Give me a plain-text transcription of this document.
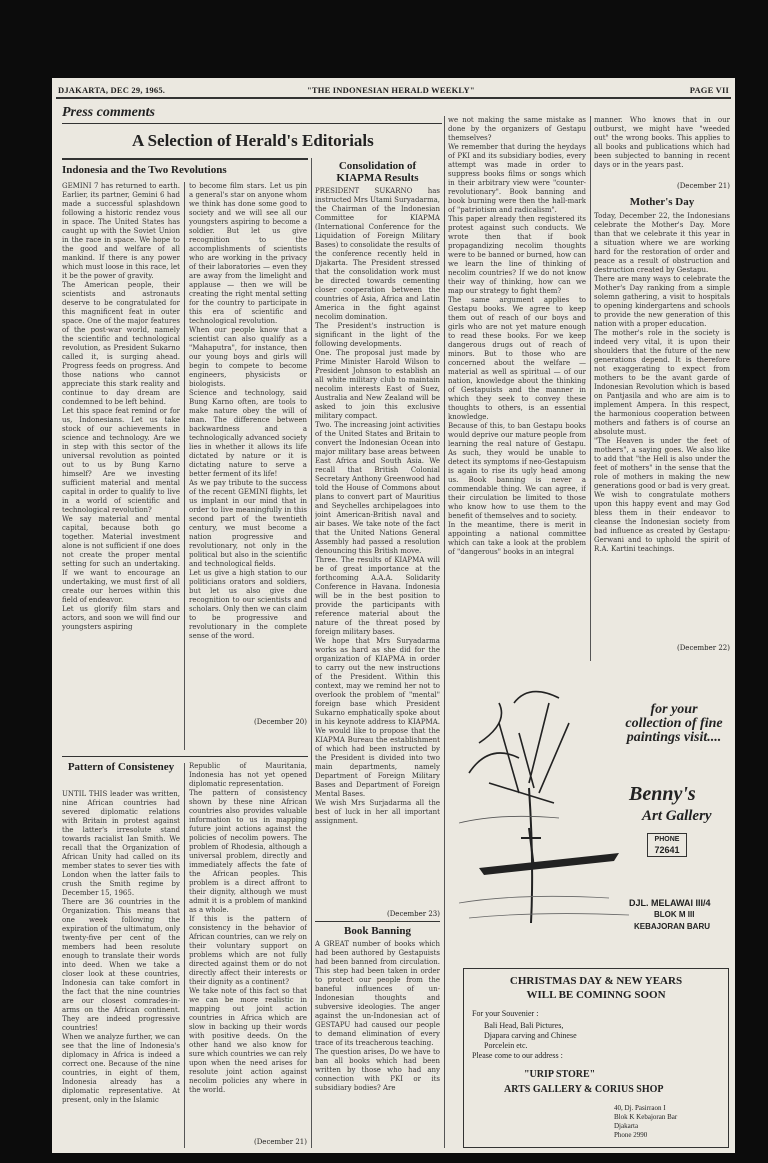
DJAKARTA, DEC 29, 1965.	"THE INDONESIAN HERALD WEEKLY"	PAGE VII
Press comments
A Selection of Herald's Editorials
Indonesia and the Two Revolutions
GEMINI 7 has returned to earth. Earlier, its partner, Gemini 6 had made a successful splashdown following a historic rendez vous in space. The United States has caught up with the Soviet Union in the race in space. We hope to the good and welfare of all mankind. If there is any power which must loose in this race, let it be the power of gravity.
The American people, their scientists and astronauts deserve to be congratulated for this magnificent feat in outer space. One of the major features of the post-war world, namely the scientific and technological revolution, as President Sukarno called it, is surging ahead. Progress feeds on progress. And those nations who cannot appreciate this stark reality and continue to day dream are condemned to be left behind.
Let this space feat remind or for us, Indonesians. Let us take stock of our achievements in science and technology. Are we in step with this sector of the universal revolution as pointed out to us by Bung Karno himself? Are we investing sufficient material and mental capital in order to qualify to live in a world of scientific and technological revolution?
We say material and mental capital, because both go together. Material investment alone is not sufficient if one does not create the proper mental setting for such an undertaking. If we want to encourage an undertaking, we must first of all create our heroes within this field of endeavor.
Let us glorify film stars and actors, and soon we will find our youngsters aspiring
to become film stars. Let us pin a general's star on anyone whom we think has done some good to society and we will see all our youngsters aspiring to become a soldier. But let us give recognition to the accomplishments of scientists who are working in the privacy of their laboratories — even they are away from the limelight and applause — then we will be creating the right mental setting for the country to participate in this era of scientific and technological revolution.
When our people know that a scientist can also qualify as a "Mahaputra", for instance, then our young boys and girls will begin to compete to become engineers, physicists or biologists.
Science and technology, said Bung Karno often, are tools to make nature obey the will of man. The difference between backwardness and a technologically advanced society lies in whether it allows its life dictated by nature or it is dictating nature to serve a better ferment of its life!
As we pay tribute to the success of the recent GEMINI flights, let us implant in our mind that in order to live meaningfully in this second part of the twentieth century, we must become a nation progressive and revolutionary, not only in the political but also in the scientific and technological fields.
Let us give a high station to our politicians orators and soldiers, but let us also give due recognition to our scientists and scholars. Only then we can claim to be progressive and revolutionary in the complete sense of the word.
(December 20)
Pattern of Consisteney
UNTIL THIS leader was written, nine African countries had severed diplomatic relations with Britain in protest against the latter's irresolute stand towards racialist Ian Smith. We recall that the Organization of African Unity had called on its member states to sever ties with London when the latter fails to crush the Smith regime by December 15, 1965.
There are 36 countries in the Organization. This means that one week following the expiration of the ultimatum, only twenty-five per cent of the members had been resolute enough to translate their words into deed. When we take a closer look at these countries, Indonesia can take comfort in the fact that the nine countries are our closest comrades-in-arms on the African continent. They are indeed progressive countries!
When we analyze further, we can see that the line of Indonesia's diplomacy in Africa is indeed a correct one. Because of the nine countries, in eight of them, Indonesia already has a diplomatic representative. At present, only in the Islamic
Republic of Mauritania, Indonesia has not yet opened diplomatic representation.
The pattern of consistency shown by these nine African countries also provides valuable information to us in mapping future joint actions against the policies of necolim powers. The problem of Rhodesia, although a universal problem, directly and immediately affects the fate of the African peoples. This problem is a direct affront to their dignity, although we must admit it is a problem of mankind as a whole.
If this is the pattern of consistency in the behavior of African countries, can we rely on their voluntary support on problems which are not fully directed against them or do not directly affect their interests or their dignity as a continent?
We take note of this fact so that we can be more realistic in mapping out joint action countries in Africa which are slow in backing up their words with positive deeds. On the other hand we also know for sure which countries we can rely upon when the need arises for resolute joint action against necolim policies any where in the world.
(December 21)
Consolidation of KIAPMA Results
PRESIDENT SUKARNO has instructed Mrs Utami Suryadarma, the Chairman of the Indonesian Committee for KIAPMA (International Conference for the Liquidation of Foreign Military Bases) to consolidate the results of the conference recently held in Djakarta. The President stressed that the consolidation work must be directed towards cementing closer cooperation between the countries of Asia, Africa and Latin America in the fight against necolim domination.
The President's instruction is significant in the light of the following developments.
One. The proposal just made by Prime Minister Harold Wilson to President Johnson to establish an all white military club to maintain necolim interests East of Suez, Australia and New Zealand will be asked to join this exclusive military compact.
Two. The increasing joint activities of the United States and Britain to convert the Indonesian Ocean into major military base areas between East Africa and South Asia. We recall that British Colonial Secretary Anthony Greenwood had told the House of Commons about plans to convert part of Mauritius and Seychelles archipelagoes into joint American-British naval and air bases. We take note of the fact that the United Nations General Assembly had passed a resolution denouncing this British move.
Three. The results of KIAPMA will be of great importance at the forthcoming A.A.A. Solidarity Conference in Havana. Indonesia will be in the best position to provide the participants with reference material about the nature of the threat posed by foreign military bases.
We hope that Mrs Suryadarma works as hard as she did for the organization of KIAPMA in order to carry out the new instructions of the President. Within this context, may we remind her not to overlook the problem of "mental" foreign base which President Sukarno emphatically spoke about in his keynote address to KIAPMA. We would like to propose that the KIAPMA Bureau the establishment of which had been instructed by the President is divided into two main departments, namely Department of Foreign Military Bases and Department of Foreign Mental Bases.
We wish Mrs Surjadarma all the best of luck in her all important assignment.
(December 23)
Book Banning
A GREAT number of books which had been authored by Gestapuists had been banned from circulation. This step had been taken in order to protect our people from the baneful influences of un-Indonesian thoughts and subversive ideologies. The anger against the un-Indonesian act of GESTAPU had caused our people to demand elimination of every trace of its treacherous teaching.
The question arises, Do we have to ban all books which had been written by those who had any connection with PKI or its subsidiary bodies? Are
we not making the same mistake as done by the organizers of Gestapu themselves?
We remember that during the heydays of PKI and its subsidiary bodies, every attempt was made in order to suppress books films or songs which in their arbitrary view were "counter-revolutionary". Book banning and book burning were then the hall-mark of "patriotism and radicalism".
This paper already then registered its protest against such conducts. We wrote then that if book propagandizing necolim thoughts were to be banned or burned, how can we learn the line of thinking of necolim countries? If we do not know their way of thinking, how can we map our strategy to fight them?
The same argument applies to Gestapu books. We agree to keep them out of reach of our boys and girls who are not yet mature enough to read these books. For we keep dangerous drugs out of reach of minors. But to those who are concerned about the welfare — material as well as spiritual — of our nation, knowledge about the thinking of Gestapuists and the manner in which they seek to convey these thoughts to others, is an essential knowledge.
Because of this, to ban Gestapu books would deprive our mature people from learning the real nature of Gestapu. As such, they would be unable to detect its symptoms if neo-Gestapuism is again to rise its ugly head among us. Book banning is never a commendable thing. We can agree, if their circulation be limited to those who know how to use them to the benefit of themselves and to society.
In the meantime, there is merit in appointing a national committee which can take a look at the problem of "dangerous" books in an integral
manner. Who knows that in our outburst, we might have "weeded out" the wrong books. This applies to all books and publications which had been subjected to banning in recent days or in the years past.
(December 21)
Mother's Day
Today, December 22, the Indonesians celebrate the Mother's Day. More than that we celebrate it this year in a situation where we are working hard for the restoration of order and peace as a result of obstruction and destruction created by Gestapu.
There are many ways to celebrate the Mother's Day ranking from a simple solemn gathering, a visit to hospitals to opening kindergartens and schools to provide the new generation of this nation with a proper education.
The mother's role in the society is indeed very vital, it is upon their shoulders that the future of the new generations depend. It is therefore not exaggerating to expect from mothers to be the avant garde of Indonesian Revolution which is based on Pantjasila and who are aim is to implement Ampera. In this respect, the harmonious cooperation between mothers and fathers is of course an absolute must.
"The Heaven is under the feet of mothers", a saying goes. We also like to add that "the Hell is also under the feet of mothers" in the sense that the role of mothers in making the new generations good or bad is very great.
We wish to congratulate mothers upon this happy event and may God bless them in their endeavor to cleanse the Indonesian society from bad influence as created by Gestapu-Gerwani and to uphold the spirit of R.A. Kartini teachings.
(December 22)
for your collection of fine paintings visit....
Benny's
Art Gallery
PHONE
72641
DJL. MELAWAI III/4
BLOK M III
KEBAJORAN BARU
CHRISTMAS DAY & NEW YEARS
WILL BE COMINNG SOON
For your Souvenier :
Bali Head, Bali Pictures,
Djapara carving and Chinese
Porcelein etc.
Please come to our address :
"URIP STORE"
ARTS GALLERY & CORIUS SHOP
40, Dj. Pasirraon I
Blok K Kebajoran Bar
Djakarta
Phone 2990
